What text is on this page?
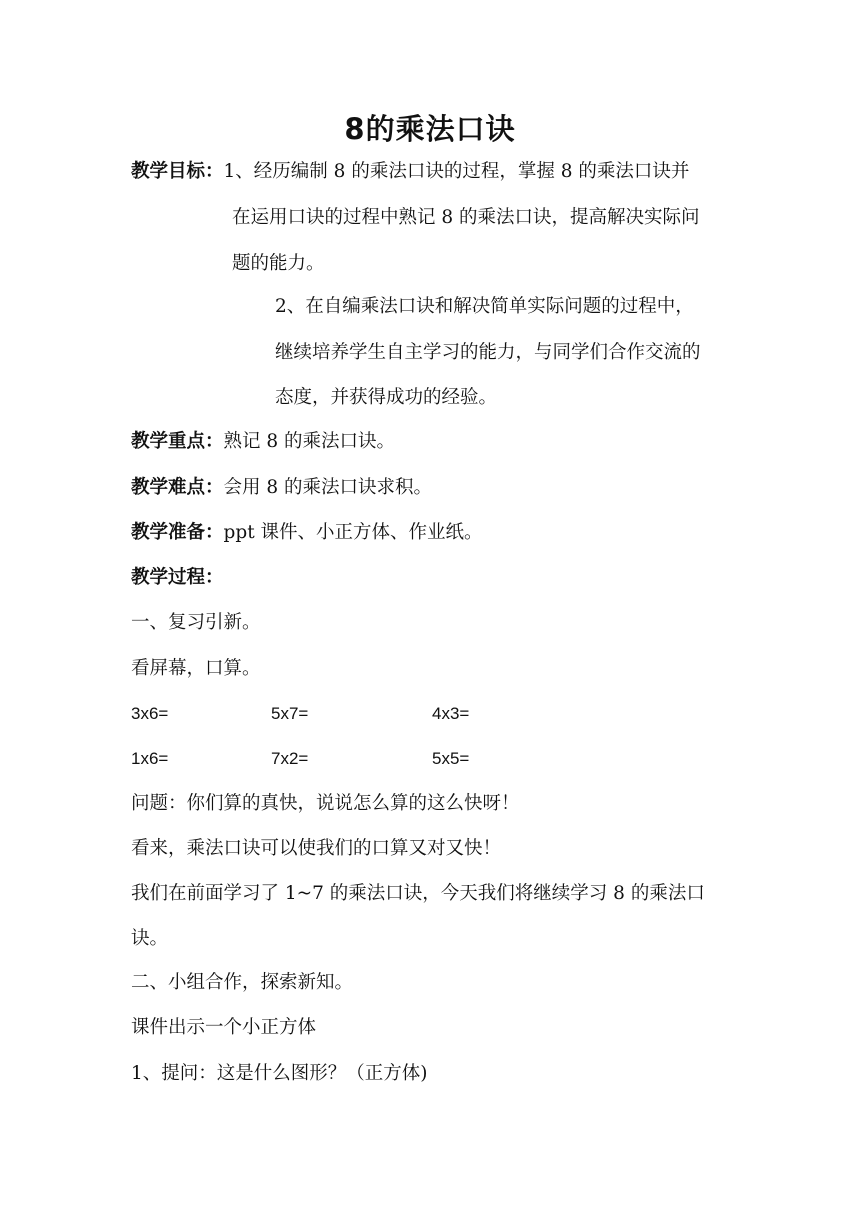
8的乘法口诀
教学目标：1、经历编制 8 的乘法口诀的过程，掌握 8 的乘法口诀并
在运用口诀的过程中熟记 8 的乘法口诀，提高解决实际问
题的能力。
2、在自编乘法口诀和解决简单实际问题的过程中，
继续培养学生自主学习的能力，与同学们合作交流的
态度，并获得成功的经验。
教学重点：熟记 8 的乘法口诀。
教学难点：会用 8 的乘法口诀求积。
教学准备：ppt 课件、小正方体、作业纸。
教学过程：
一、复习引新。
看屏幕，口算。
3x6=	5x7=	4x3=
1x6=	7x2=	5x5=
问题：你们算的真快，说说怎么算的这么快呀！
看来，乘法口诀可以使我们的口算又对又快！
我们在前面学习了 1~7 的乘法口诀，今天我们将继续学习 8 的乘法口
诀。
二、小组合作，探索新知。
课件出示一个小正方体
1、提问：这是什么图形？（正方体)
